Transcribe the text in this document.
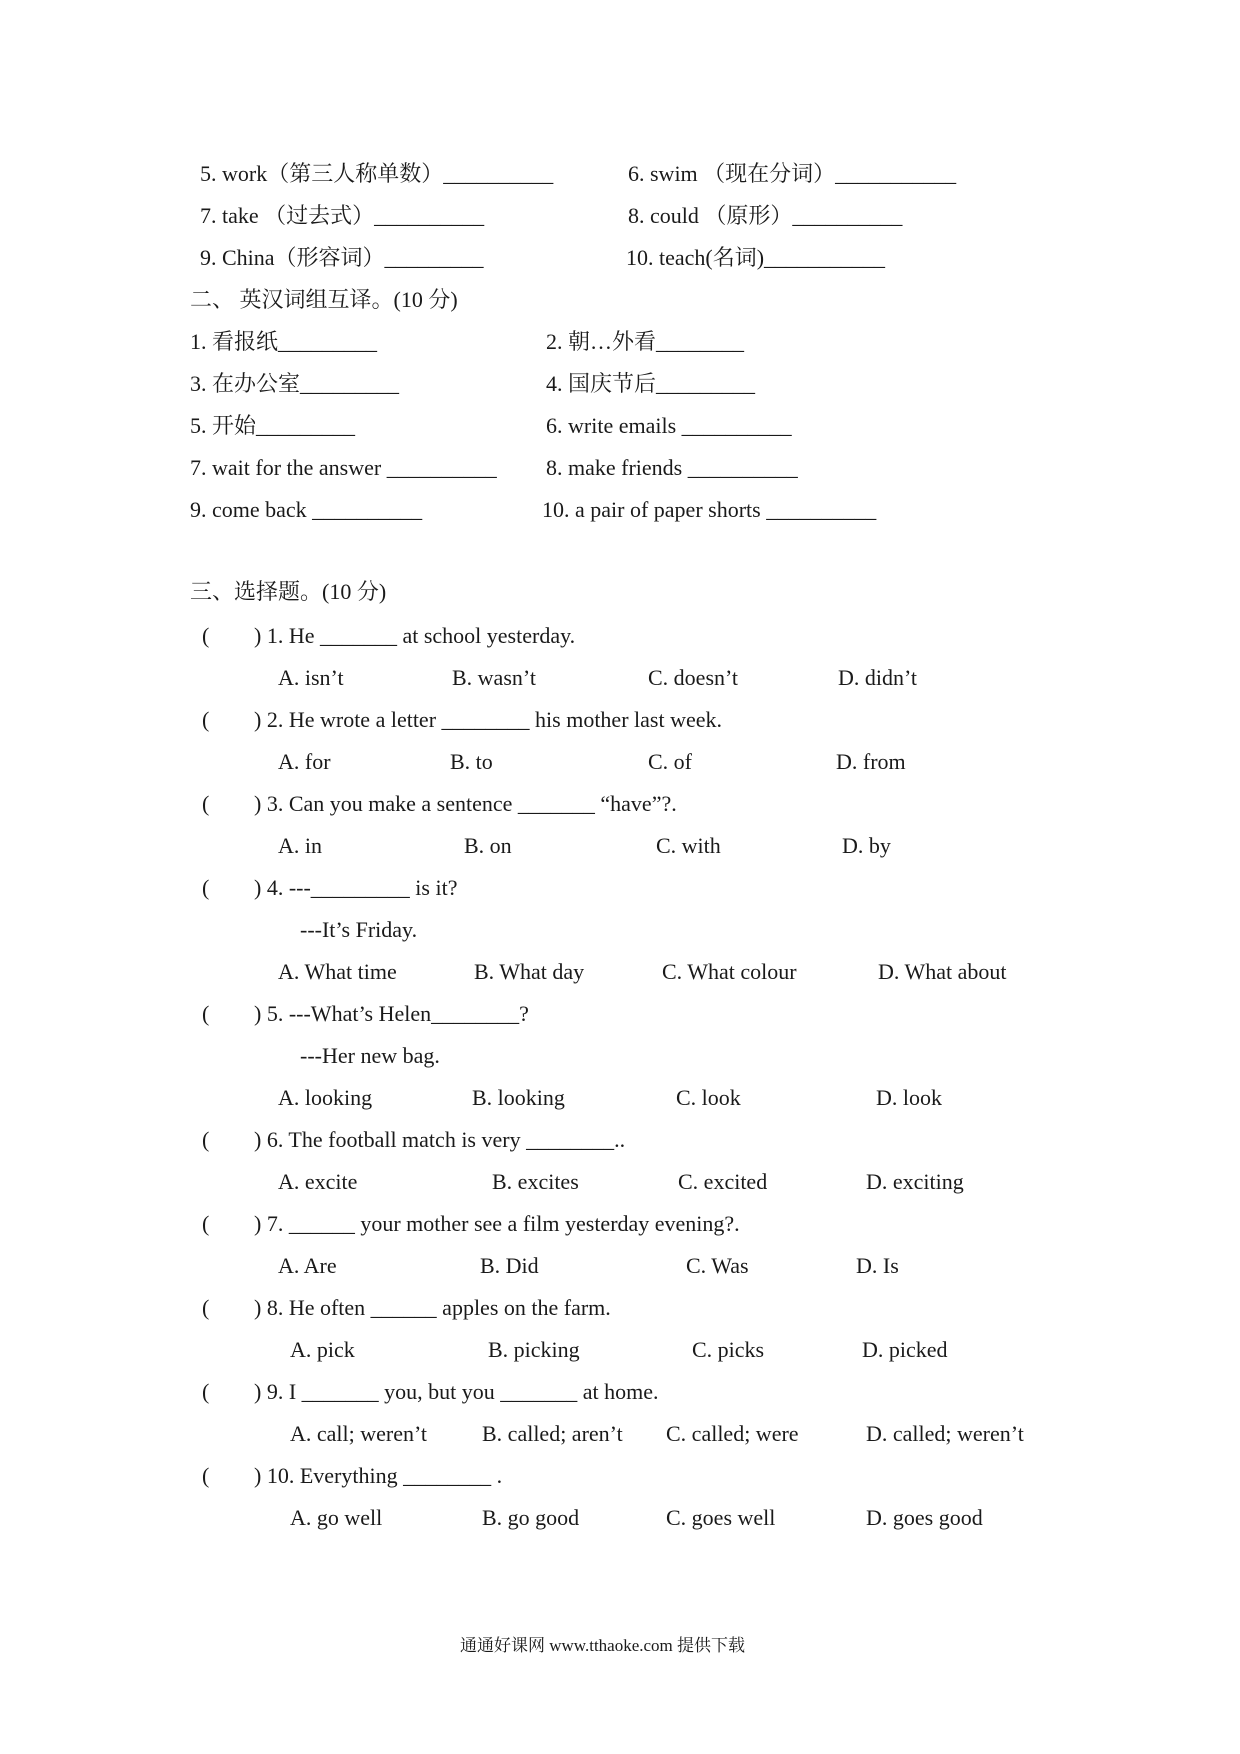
5. work（第三人称单数）__________	6. swim （现在分词）___________
7. take （过去式）__________	8. could （原形）__________
9. China（形容词）_________	10. teach(名词)___________
二、 英汉词组互译。(10 分)
1. 看报纸_________	2. 朝…外看________
3. 在办公室_________	4. 国庆节后_________
5. 开始_________	6. write emails __________
7. wait for the answer __________ 8. make friends __________
9. come back __________	10. a pair of paper shorts __________
三、选择题。(10 分)
( ) 1. He _______ at school yesterday.
A. isn’t	B. wasn’t	C. doesn’t	D. didn’t
( ) 2. He wrote a letter ________ his mother last week.
A. for	B. to	C. of	D. from
( ) 3. Can you make a sentence _______ “have”?.
A. in	B. on	C. with	D. by
( ) 4. ---_________ is it?
---It’s Friday.
A. What time	B. What day	C. What colour	D. What about
( ) 5. ---What’s Helen________?
---Her new bag.
A. looking	B. looking	C. look	D. look
( ) 6. The football match is very ________..
A. excite	B. excites	C. excited	D. exciting
( ) 7. ______ your mother see a film yesterday evening?.
A. Are	B. Did	C. Was	D. Is
( ) 8. He often ______ apples on the farm.
A. pick	B. picking	C. picks	D. picked
( ) 9. I _______ you, but you _______ at home.
A. call; weren’t B. called; aren’t C. called; were	D. called; weren’t
( ) 10. Everything ________ .
A. go well	B. go good	C. goes well	D. goes good
通通好课网 www.tthaoke.com 提供下载
